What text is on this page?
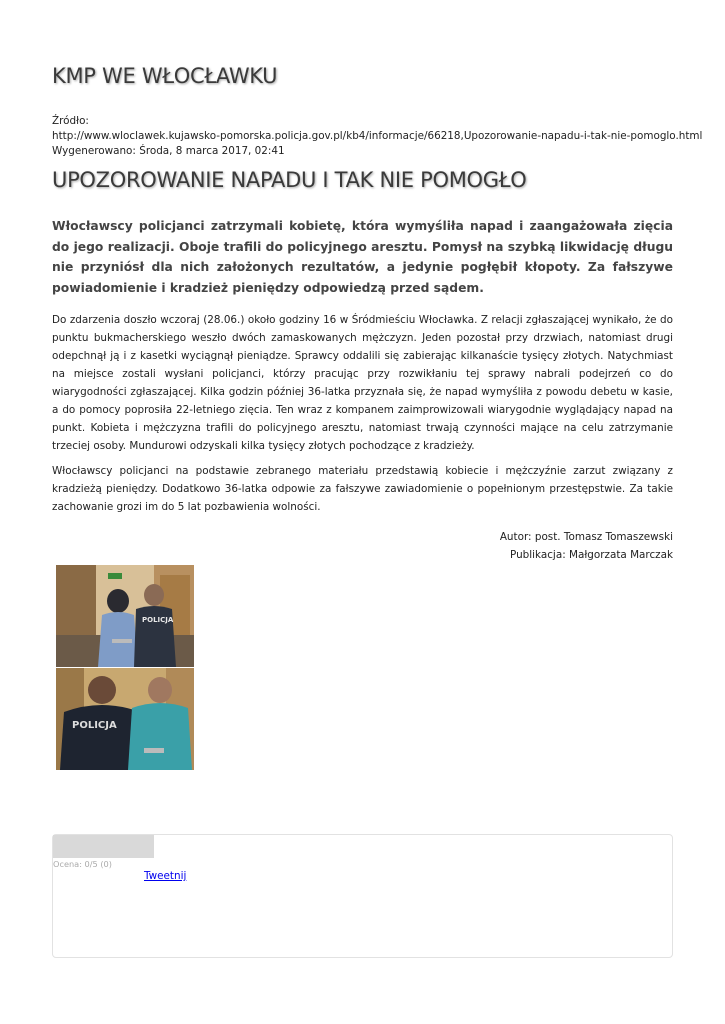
KMP WE WŁOCŁAWKU
Źródło:
http://www.wloclawek.kujawsko-pomorska.policja.gov.pl/kb4/informacje/66218,Upozorowanie-napadu-i-tak-nie-pomoglo.html
Wygenerowano: Środa, 8 marca 2017, 02:41
UPOZOROWANIE NAPADU I TAK NIE POMOGŁO

Włocławscy policjanci zatrzymali kobietę, która wymyśliła napad i zaangażowała zięcia do jego realizacji. Oboje trafili do policyjnego aresztu. Pomysł na szybką likwidację długu nie przyniósł dla nich założonych rezultatów, a jedynie pogłębił kłopoty. Za fałszywe powiadomienie i kradzież pieniędzy odpowiedzą przed sądem.

Do zdarzenia doszło wczoraj (28.06.) około godziny 16 w Śródmieściu Włocławka. Z relacji zgłaszającej wynikało, że do punktu bukmacherskiego weszło dwóch zamaskowanych mężczyzn. Jeden pozostał przy drzwiach, natomiast drugi odepchnął ją i z kasetki wyciągnął pieniądze. Sprawcy oddalili się zabierając kilkanaście tysięcy złotych. Natychmiast na miejsce zostali wysłani policjanci, którzy pracując przy rozwikłaniu tej sprawy nabrali podejrzeń co do wiarygodności zgłaszającej. Kilka godzin później 36-latka przyznała się, że napad wymyśliła z powodu debetu w kasie, a do pomocy poprosiła 22-letniego zięcia. Ten wraz z kompanem zaimprowizowali wiarygodnie wyglądający napad na punkt. Kobieta i mężczyzna trafili do policyjnego aresztu, natomiast trwają czynności mające na celu zatrzymanie trzeciej osoby. Mundurowi odzyskali kilka tysięcy złotych pochodzące z kradzieży.

Włocławscy policjanci na podstawie zebranego materiału przedstawią kobiecie i mężczyźnie zarzut związany z kradzieżą pieniędzy. Dodatkowo 36-latka odpowie za fałszywe zawiadomienie o popełnionym przestępstwie. Za takie zachowanie grozi im do 5 lat pozbawienia wolności.

Autor: post. Tomasz Tomaszewski
Publikacja: Małgorzata Marczak
POLICJA
POLICJA
Ocena: 0/5 (0)
Tweetnij
